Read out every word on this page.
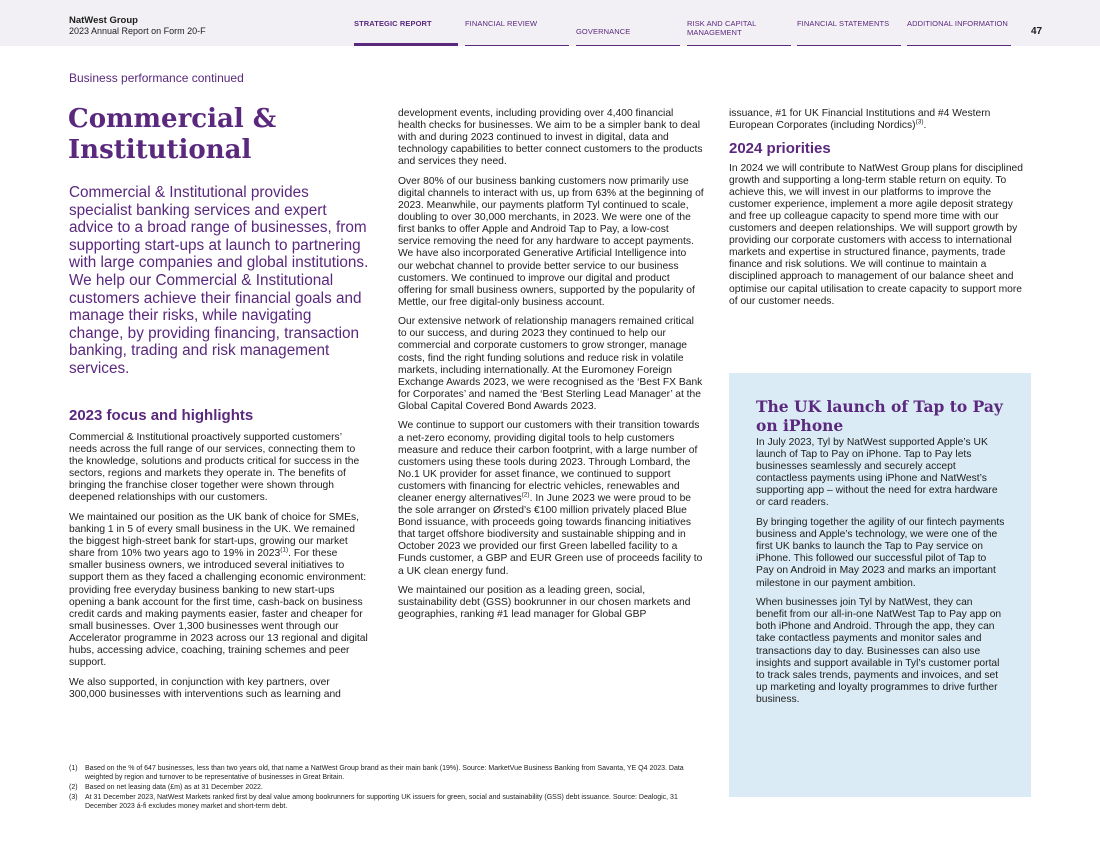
NatWest Group
2023 Annual Report on Form 20-F
STRATEGIC REPORT	FINANCIAL REVIEW
GOVERNANCE
RISK AND CAPITAL MANAGEMENT
FINANCIAL STATEMENTS	ADDITIONAL INFORMATION
47
Business performance continued
Commercial & Institutional

Commercial & Institutional provides specialist banking services and expert advice to a broad range of businesses, from supporting start-ups at launch to partnering with large companies and global institutions. We help our Commercial & Institutional customers achieve their financial goals and manage their risks, while navigating change, by providing financing, transaction banking, trading and risk management services.

2023 focus and highlights

Commercial & Institutional proactively supported customers’ needs across the full range of our services, connecting them to the knowledge, solutions and products critical for success in the sectors, regions and markets they operate in. The benefits of bringing the franchise closer together were shown through deepened relationships with our customers.

We maintained our position as the UK bank of choice for SMEs, banking 1 in 5 of every small business in the UK. We remained the biggest high-street bank for start-ups, growing our market share from 10% two years ago to 19% in 2023$^{(1)}$. For these smaller business owners, we introduced several initiatives to support them as they faced a challenging economic environment: providing free everyday business banking to new start-ups opening a bank account for the first time, cash-back on business credit cards and making payments easier, faster and cheaper for small businesses. Over 1,300 businesses went through our Accelerator programme in 2023 across our 13 regional and digital hubs, accessing advice, coaching, training schemes and peer support.

We also supported, in conjunction with key partners, over 300,000 businesses with interventions such as learning and

development events, including providing over 4,400 financial health checks for businesses. We aim to be a simpler bank to deal with and during 2023 continued to invest in digital, data and technology capabilities to better connect customers to the products and services they need.

Over 80% of our business banking customers now primarily use digital channels to interact with us, up from 63% at the beginning of 2023. Meanwhile, our payments platform Tyl continued to scale, doubling to over 30,000 merchants, in 2023. We were one of the first banks to offer Apple and Android Tap to Pay, a low-cost service removing the need for any hardware to accept payments. We have also incorporated Generative Artificial Intelligence into our webchat channel to provide better service to our business customers. We continued to improve our digital and product offering for small business owners, supported by the popularity of Mettle, our free digital-only business account.

Our extensive network of relationship managers remained critical to our success, and during 2023 they continued to help our commercial and corporate customers to grow stronger, manage costs, find the right funding solutions and reduce risk in volatile markets, including internationally. At the Euromoney Foreign Exchange Awards 2023, we were recognised as the ‘Best FX Bank for Corporates’ and named the ‘Best Sterling Lead Manager’ at the Global Capital Covered Bond Awards 2023.

We continue to support our customers with their transition towards a net-zero economy, providing digital tools to help customers measure and reduce their carbon footprint, with a large number of customers using these tools during 2023. Through Lombard, the No.1 UK provider for asset finance, we continued to support customers with financing for electric vehicles, renewables and cleaner energy alternatives$^{(2)}$. In June 2023 we were proud to be the sole arranger on Ørsted’s €100 million privately placed Blue Bond issuance, with proceeds going towards financing initiatives that target offshore biodiversity and sustainable shipping and in October 2023 we provided our first Green labelled facility to a Funds customer, a GBP and EUR Green use of proceeds facility to a UK clean energy fund.

We maintained our position as a leading green, social, sustainability debt (GSS) bookrunner in our chosen markets and geographies, ranking #1 lead manager for Global GBP

issuance, #1 for UK Financial Institutions and #4 Western European Corporates (including Nordics)$^{(3)}$.

2024 priorities

In 2024 we will contribute to NatWest Group plans for disciplined growth and supporting a long-term stable return on equity. To achieve this, we will invest in our platforms to improve the customer experience, implement a more agile deposit strategy and free up colleague capacity to spend more time with our customers and deepen relationships. We will support growth by providing our corporate customers with access to international markets and expertise in structured finance, payments, trade finance and risk solutions. We will continue to maintain a disciplined approach to management of our balance sheet and optimise our capital utilisation to create capacity to support more of our customer needs.

The UK launch of Tap to Pay on iPhone

In July 2023, Tyl by NatWest supported Apple’s UK launch of Tap to Pay on iPhone. Tap to Pay lets businesses seamlessly and securely accept contactless payments using iPhone and NatWest’s supporting app – without the need for extra hardware or card readers.

By bringing together the agility of our fintech payments business and Apple’s technology, we were one of the first UK banks to launch the Tap to Pay service on iPhone. This followed our successful pilot of Tap to Pay on Android in May 2023 and marks an important milestone in our payment ambition.

When businesses join Tyl by NatWest, they can benefit from our all-in-one NatWest Tap to Pay app on both iPhone and Android. Through the app, they can take contactless payments and monitor sales and transactions day to day. Businesses can also use insights and support available in Tyl’s customer portal to track sales trends, payments and invoices, and set up marketing and loyalty programmes to drive further business.

(1) Based on the % of 647 businesses, less than two years old, that name a NatWest Group brand as their main bank (19%). Source: MarketVue Business Banking from Savanta, YE Q4 2023. Data weighted by region and turnover to be representative of businesses in Great Britain.
(2) Based on net leasing data (£m) as at 31 December 2022.
(3) At 31 December 2023, NatWest Markets ranked first by deal value among bookrunners for supporting UK issuers for green, social and sustainability (GSS) debt issuance. Source: Dealogic, 31 December 2023 á-fi excludes money market and short-term debt.
